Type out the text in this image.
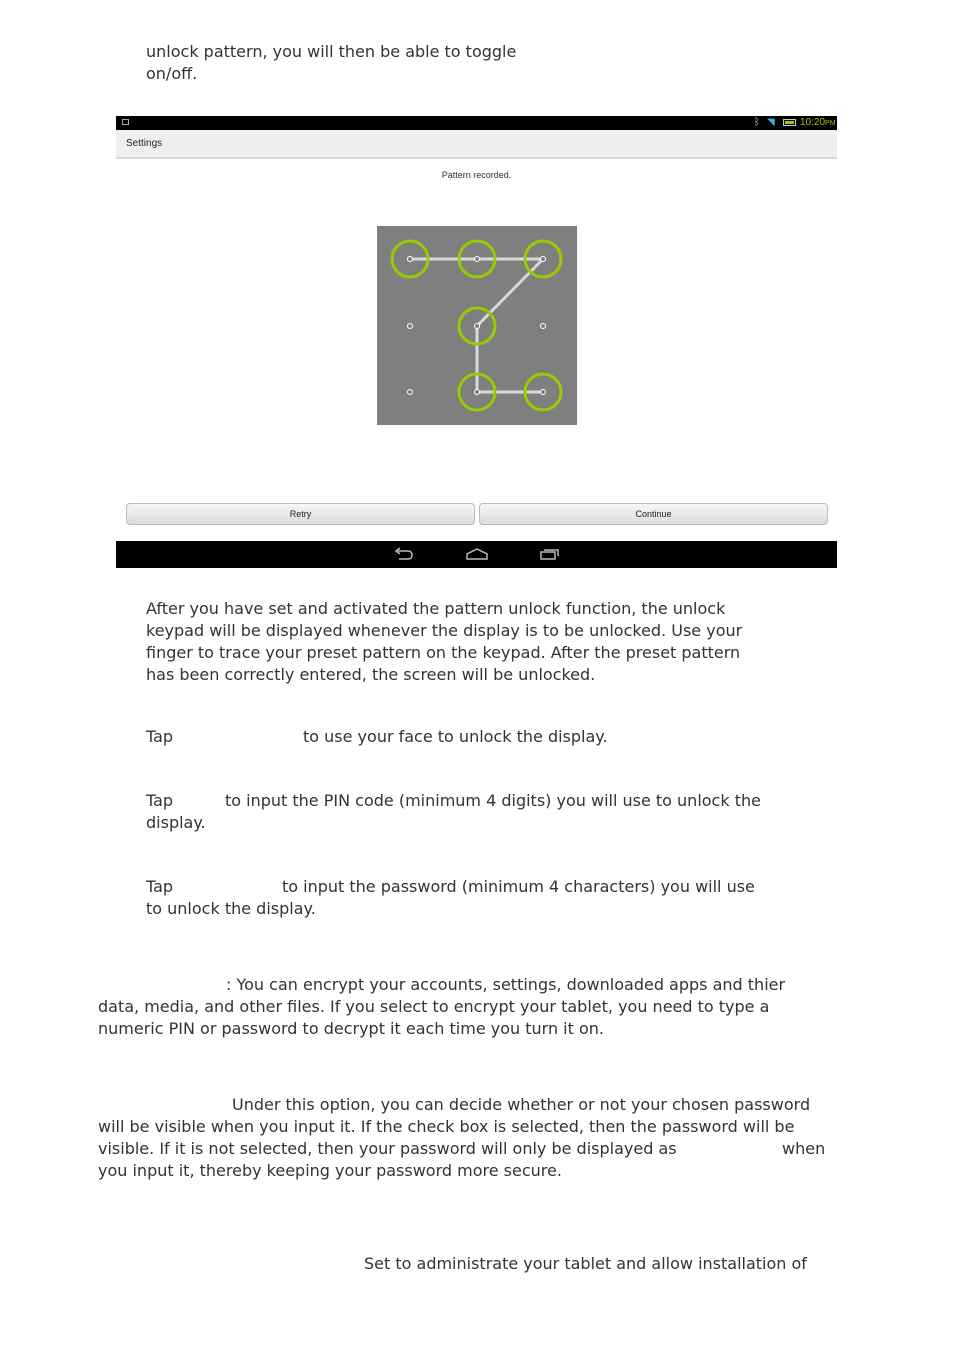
unlock pattern, you will then be able to toggle
on/off.
ᛒ ◥	10:20PM
Settings
Pattern recorded.
Retry	Continue
After you have set and activated the pattern unlock function, the unlock
keypad will be displayed whenever the display is to be unlocked. Use your
finger to trace your preset pattern on the keypad. After the preset pattern
has been correctly entered, the screen will be unlocked.
Tap	to use your face to unlock the display.
Tap	to input the PIN code (minimum 4 digits) you will use to unlock the
display.
Tap	to input the password (minimum 4 characters) you will use
to unlock the display.
: You can encrypt your accounts, settings, downloaded apps and thier
data, media, and other files. If you select to encrypt your tablet, you need to type a
numeric PIN or password to decrypt it each time you turn it on.
Under this option, you can decide whether or not your chosen password
will be visible when you input it. If the check box is selected, then the password will be
visible. If it is not selected, then your password will only be displayed as	when
you input it, thereby keeping your password more secure.
Set to administrate your tablet and allow installation of
